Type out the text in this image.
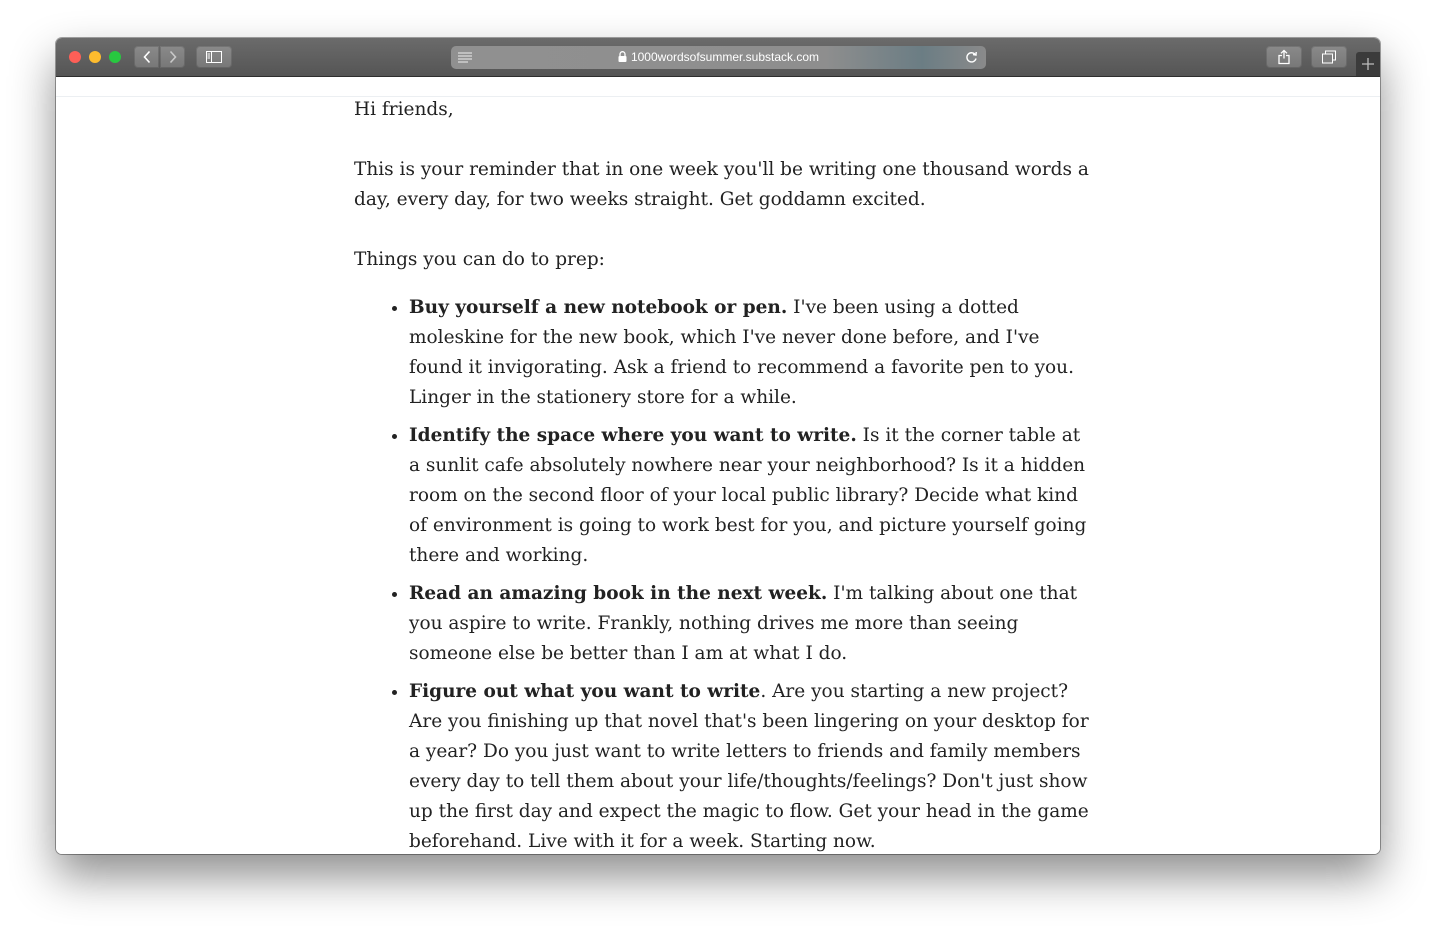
1000wordsofsummer.substack.com

Hi friends,

This is your reminder that in one week you'll be writing one thousand words a day, every day, for two weeks straight. Get goddamn excited.

Things you can do to prep:

• Buy yourself a new notebook or pen. I've been using a dotted moleskine for the new book, which I've never done before, and I've found it invigorating. Ask a friend to recommend a favorite pen to you. Linger in the stationery store for a while.
• Identify the space where you want to write. Is it the corner table at a sunlit cafe absolutely nowhere near your neighborhood? Is it a hidden room on the second floor of your local public library? Decide what kind of environment is going to work best for you, and picture yourself going there and working.
• Read an amazing book in the next week. I'm talking about one that you aspire to write. Frankly, nothing drives me more than seeing someone else be better than I am at what I do.
• Figure out what you want to write. Are you starting a new project? Are you finishing up that novel that's been lingering on your desktop for a year? Do you just want to write letters to friends and family members every day to tell them about your life/thoughts/feelings? Don't just show up the first day and expect the magic to flow. Get your head in the game beforehand. Live with it for a week. Starting now.
